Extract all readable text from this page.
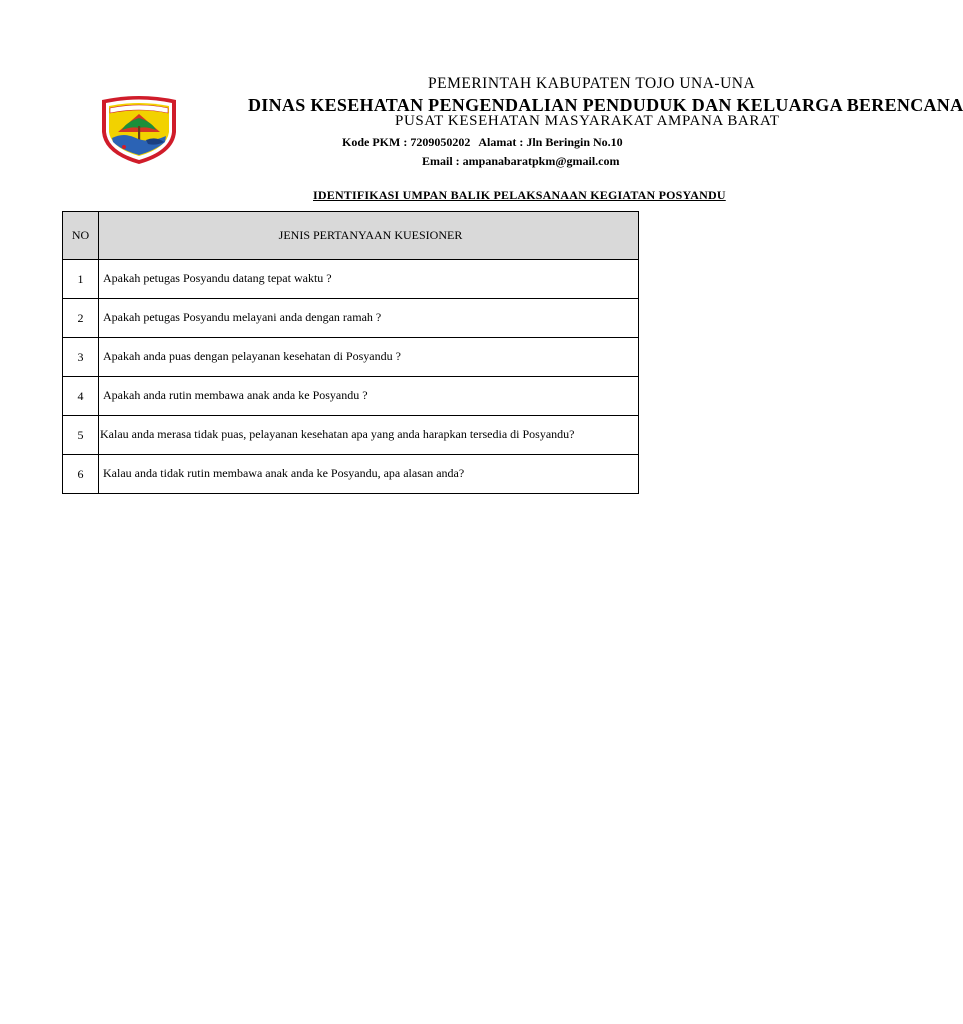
PEMERINTAH KABUPATEN TOJO UNA-UNA
DINAS KESEHATAN PENGENDALIAN PENDUDUK DAN KELUARGA BERENCANA
PUSAT KESEHATAN MASYARAKAT AMPANA BARAT
Kode PKM : 7209050202 Alamat : Jln Beringin No.10
Email : ampanabaratpkm@gmail.com
IDENTIFIKASI UMPAN BALIK PELAKSANAAN KEGIATAN POSYANDU
NO	JENIS PERTANYAAN KUESIONER
1	Apakah petugas Posyandu datang tepat waktu ?
2	Apakah petugas Posyandu melayani anda dengan ramah ?
3	Apakah anda puas dengan pelayanan kesehatan di Posyandu ?
4	Apakah anda rutin membawa anak anda ke Posyandu ?
5	Kalau anda merasa tidak puas, pelayanan kesehatan apa yang anda harapkan tersedia di Posyandu?
6	Kalau anda tidak rutin membawa anak anda ke Posyandu, apa alasan anda?
